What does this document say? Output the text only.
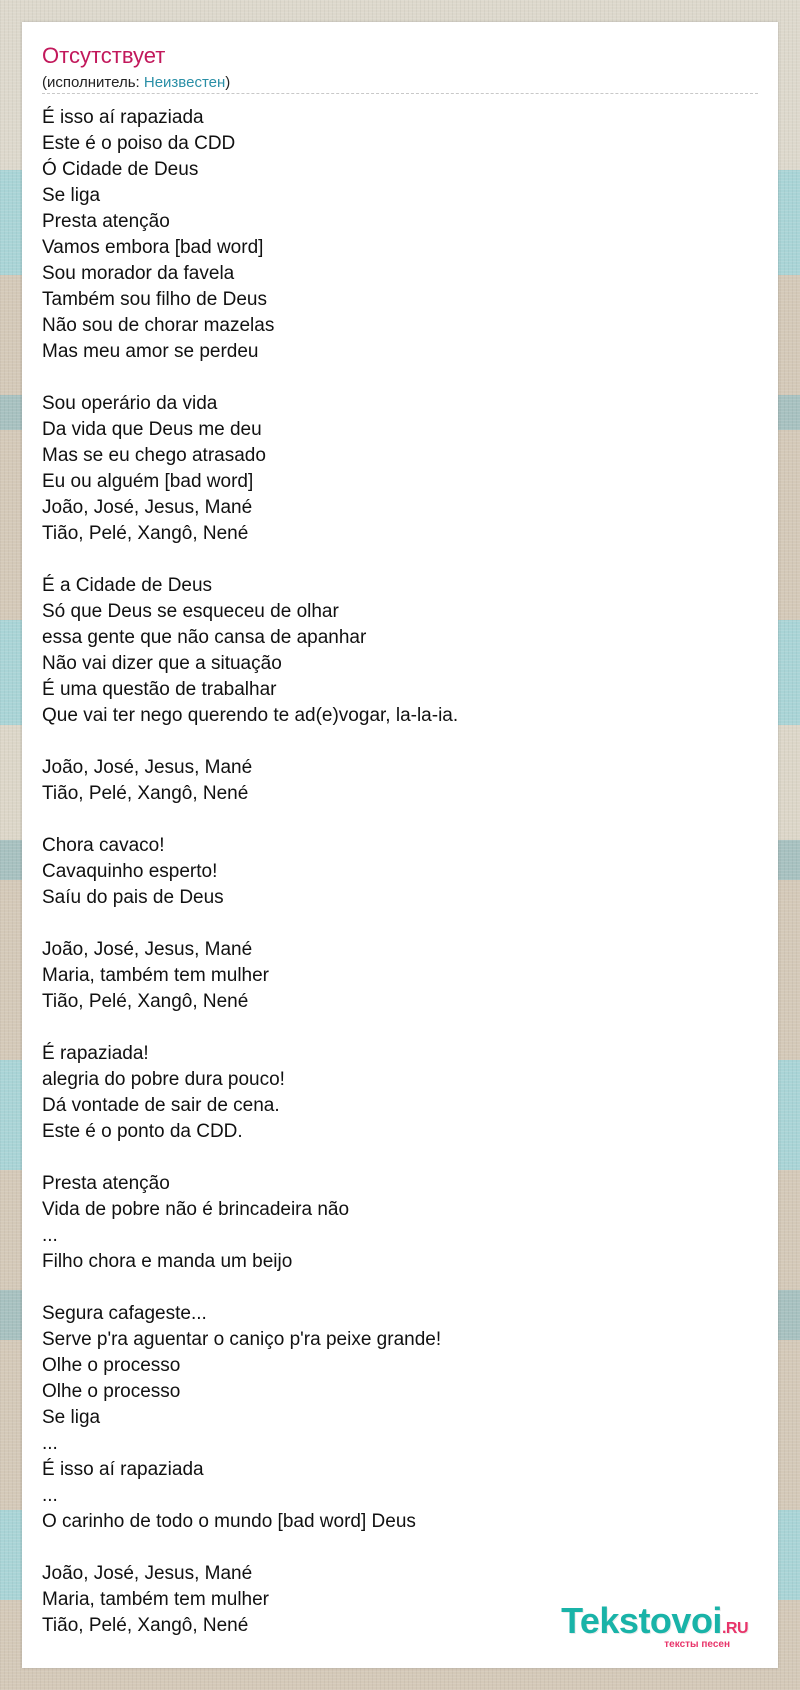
Отсутствует
(исполнитель: Неизвестен)
É isso aí rapaziada
Este é o poiso da CDD
Ó Cidade de Deus
Se liga
Presta atenção
Vamos embora [bad word]
Sou morador da favela
Também sou filho de Deus
Não sou de chorar mazelas
Mas meu amor se perdeu

Sou operário da vida
Da vida que Deus me deu
Mas se eu chego atrasado
Eu ou alguém [bad word]
João, José, Jesus, Mané
Tião, Pelé, Xangô, Nené

É a Cidade de Deus
Só que Deus se esqueceu de olhar
essa gente que não cansa de apanhar
Não vai dizer que a situação
É uma questão de trabalhar
Que vai ter nego querendo te ad(e)vogar, la-la-ia.

João, José, Jesus, Mané
Tião, Pelé, Xangô, Nené

Chora cavaco!
Cavaquinho esperto!
Saíu do pais de Deus

João, José, Jesus, Mané
Maria, também tem mulher
Tião, Pelé, Xangô, Nené

É rapaziada!
alegria do pobre dura pouco!
Dá vontade de sair de cena.
Este é o ponto da CDD.

Presta atenção
Vida de pobre não é brincadeira não
...
Filho chora e manda um beijo

Segura cafageste...
Serve p'ra aguentar o caniço p'ra peixe grande!
Olhe o processo
Olhe o processo
Se liga
...
É isso aí rapaziada
...
O carinho de todo o mundo [bad word] Deus

João, José, Jesus, Mané
Maria, também tem mulher
Tião, Pelé, Xangô, Nené	Tekstovoi.RU
тексты песен
